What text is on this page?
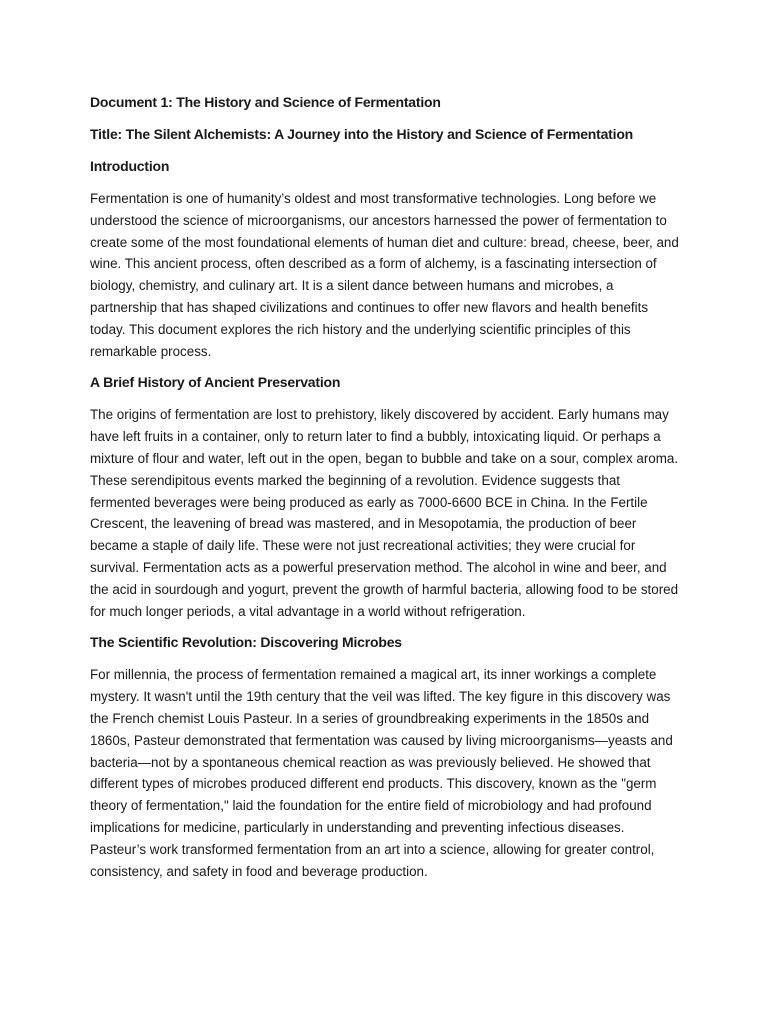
Document 1: The History and Science of Fermentation
Title: The Silent Alchemists: A Journey into the History and Science of Fermentation
Introduction

Fermentation is one of humanity’s oldest and most transformative technologies. Long before we understood the science of microorganisms, our ancestors harnessed the power of fermentation to create some of the most foundational elements of human diet and culture: bread, cheese, beer, and wine. This ancient process, often described as a form of alchemy, is a fascinating intersection of biology, chemistry, and culinary art. It is a silent dance between humans and microbes, a partnership that has shaped civilizations and continues to offer new flavors and health benefits today. This document explores the rich history and the underlying scientific principles of this remarkable process.

A Brief History of Ancient Preservation

The origins of fermentation are lost to prehistory, likely discovered by accident. Early humans may have left fruits in a container, only to return later to find a bubbly, intoxicating liquid. Or perhaps a mixture of flour and water, left out in the open, began to bubble and take on a sour, complex aroma. These serendipitous events marked the beginning of a revolution. Evidence suggests that fermented beverages were being produced as early as 7000-6600 BCE in China. In the Fertile Crescent, the leavening of bread was mastered, and in Mesopotamia, the production of beer became a staple of daily life. These were not just recreational activities; they were crucial for survival. Fermentation acts as a powerful preservation method. The alcohol in wine and beer, and the acid in sourdough and yogurt, prevent the growth of harmful bacteria, allowing food to be stored for much longer periods, a vital advantage in a world without refrigeration.

The Scientific Revolution: Discovering Microbes

For millennia, the process of fermentation remained a magical art, its inner workings a complete mystery. It wasn't until the 19th century that the veil was lifted. The key figure in this discovery was the French chemist Louis Pasteur. In a series of groundbreaking experiments in the 1850s and 1860s, Pasteur demonstrated that fermentation was caused by living microorganisms—yeasts and bacteria—not by a spontaneous chemical reaction as was previously believed. He showed that different types of microbes produced different end products. This discovery, known as the "germ theory of fermentation," laid the foundation for the entire field of microbiology and had profound implications for medicine, particularly in understanding and preventing infectious diseases. Pasteur’s work transformed fermentation from an art into a science, allowing for greater control, consistency, and safety in food and beverage production.
